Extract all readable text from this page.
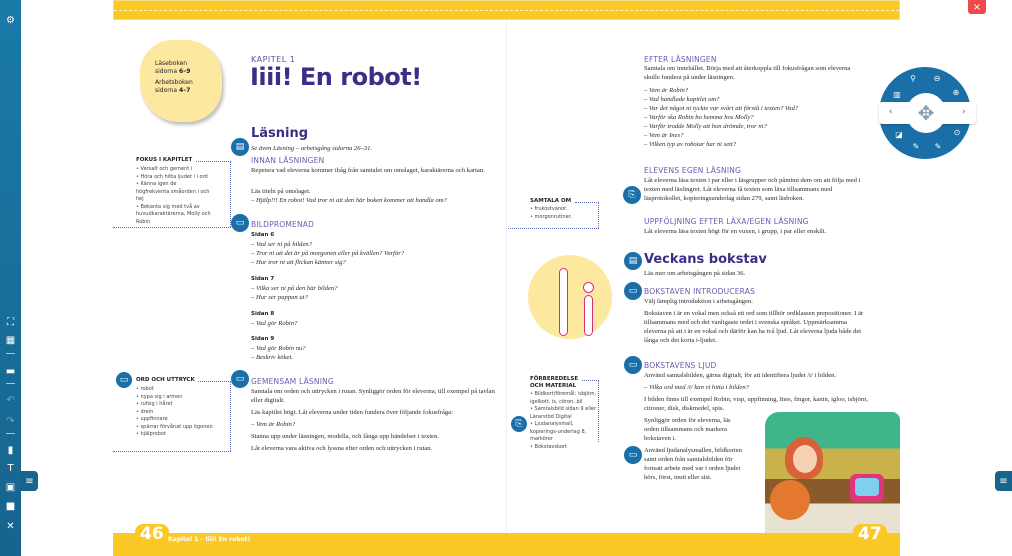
⚙
⛶
▦
▬
↶
↷
▮
T
▣
■
✕
≡	≡
×
Läseboken
sidorna 6–9
Arbetsboken
sidorna 4–7
KAPITEL 1
Iiii! En robot!
Läsning
▤	Se även Läsning – arbetsgång sidorna 26–31.
INNAN LÄSNINGEN
Repetera vad eleverna kommer ihåg från samtalet om omslaget, karaktärerna och kartan.
Läs titeln på omslaget.
– Hjälp!!! En robot! Vad tror ni att den här boken kommer att handla om?
▭ BILDPROMENAD
Sidan 6
– Vad ser ni på bilden?
– Tror ni att det är på morgonen eller på kvällen? Varför?
– Hur tror ni att flickan känner sig?
Sidan 7
– Vilka ser ni på den här bilden?
– Hur ser pappan ut?
Sidan 8
– Vad gör Robin?
Sidan 9
– Vad gör Robin nu?
– Beskriv köket.
▭ GEMENSAM LÄSNING
Samtala om orden och uttrycken i rutan. Synliggör orden för eleverna, till exempel på tavlan eller digitalt.
Läs kapitlet högt. Låt eleverna under tiden fundera över följande fokusfråga:
– Vem är Robin?
Stanna upp under läsningen, modella, och fånga upp händelser i texten.
Låt eleverna vara aktiva och lyssna efter orden och uttrycken i rutan.
FOKUS I KAPITLET
• Versalt och gement i
• Höra och hitta ljudet i i ord
• Känna igen de högfrekventa småorden i och hej
• Bekanta sig med två av huvudkaraktärerna, Molly och Robin
▭	ORD OCH UTTRYCK
• robot
• nypa sig i armen
• rufsig i håret
• drein
• uppfinnare
• spärrar förvånat upp ögonen
• hjälprobot
EFTER LÄSNINGEN
Samtala om innehållet. Börja med att återkoppla till fokusfrågan som eleverna skulle fundera på under läsningen.
– Vem är Robin?
– Vad handlade kapitlet om?
– Var det något ni tyckte var svårt att förstå i texten? Vad?
– Varför ska Robin bo hemma hos Molly?
– Varför trodde Molly att hon drömde, tror ni?
– Vem är Ines?
– Vilken typ av robotar har ni sett?
ELEVENS EGEN LÄSNING
⎘
Låt eleverna läsa texten i par eller i läsgrupper och påminn dem om att följa med i texten med läsfingret. Låt eleverna få texten som läxa tillsammans med läsprotokollet, kopieringsunderlag sidan 279, samt läsboken.
UPPFÖLJNING EFTER LÄXA/EGEN LÄSNING
Låt eleverna läsa texten högt för en vuxen, i grupp, i par eller enskilt.
SAMTALA OM
• frukostvanor.
• morgonrutiner.
▤ Veckans bokstav
Läs mer om arbetsgången på sidan 36.
▭ BOKSTAVEN INTRODUCERAS
Välj lämplig introduktion i arbetsgången.
Bokstaven i är en vokal men också ett ord som tillhör ordklassen prepositioner. I är tillsammans med och det vanligaste ordet i svenska språket. Uppmärksamma eleverna på att i är en vokal och därför kan ha två ljud. Låt eleverna ljuda både det långa och det korta i-ljudet.
▭ BOKSTAVENS LJUD
Använd samtalsbilden, gärna digitalt, för att identifiera ljudet /i/ i bilden.
– Vilka ord med /i/ kan vi hitta i bilden?
I bilden finns till exempel Robin, visp, uppfinning, Ines, fingor, kanin, igloo, isbjörn, citroner, disk, diskmedel, spis.
Synliggör orden för eleverna, läs orden tillsammans och markera bokstaven i.
▭	Använd ljudanalysmallen, bildkorten samt orden från samtalsbilden för fortsatt arbete med var i orden ljudet hörs, först, inuti eller sist.
FÖRBEREDELSE
OCH MATERIAL
⎘
• Bildkort/föremål: isbjörn, igelkott, is, citron, bil
• Samtalsbild sidan 9 eller Lärarstöd Digital
• Ljudanalysmall, kopierings-underlag 8, markörer
• Bokstavskort
46 Kapitel 1 – Iiii! En robot!	47
‹	›
✥
⚲	⊖
⊕
▥
◪
✎	✎
⊙
